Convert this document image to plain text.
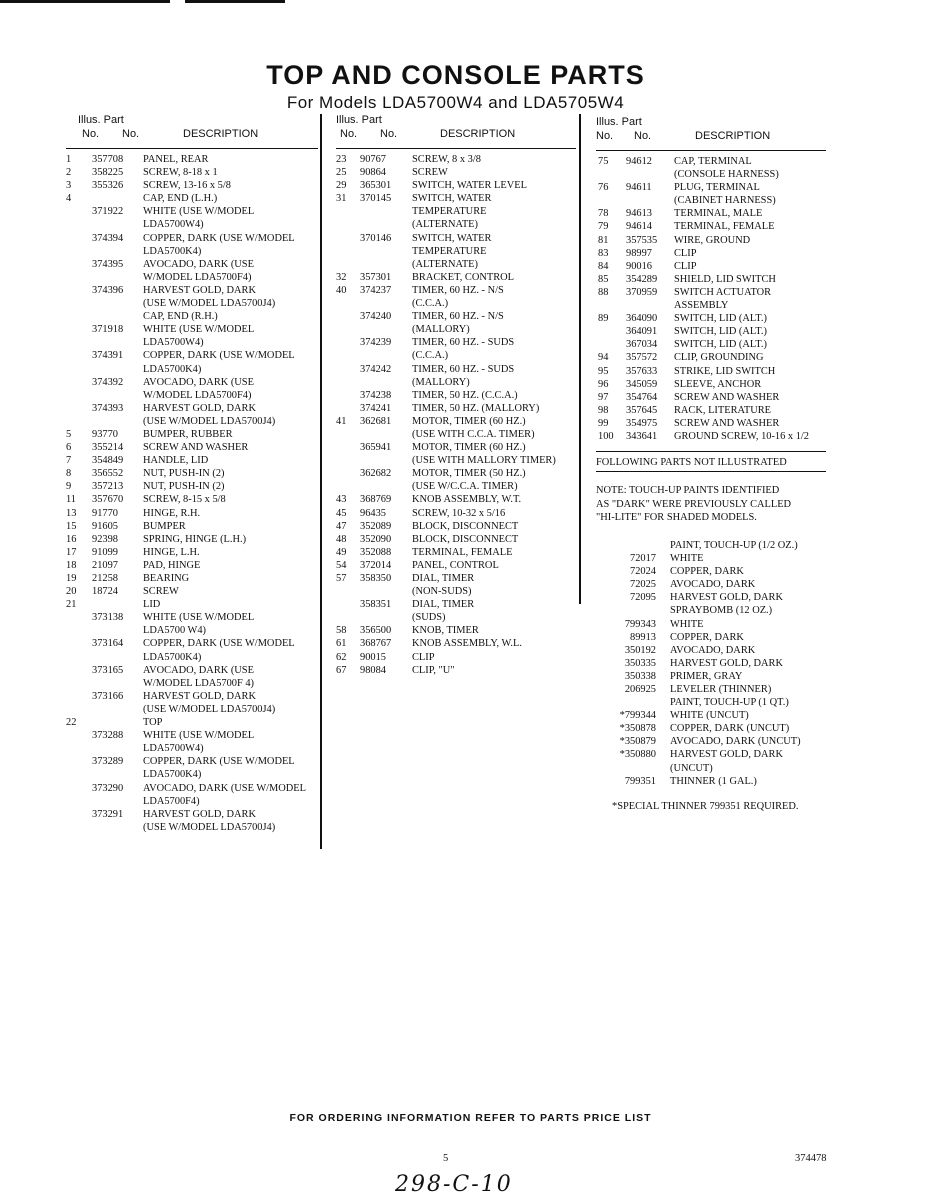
TOP AND CONSOLE PARTS
For Models LDA5700W4 and LDA5705W4
Illus. Part
No. No.	DESCRIPTION
1 357708 PANEL, REAR
2 358225 SCREW, 8-18 x 1
3 355326 SCREW, 13-16 x 5/8
4	CAP, END (L.H.)
371922 WHITE (USE W/MODEL
LDA5700W4)
374394 COPPER, DARK (USE W/MODEL
LDA5700K4)
374395 AVOCADO, DARK (USE
W/MODEL LDA5700F4)
374396 HARVEST GOLD, DARK
(USE W/MODEL LDA5700J4)
CAP, END (R.H.)
371918 WHITE (USE W/MODEL
LDA5700W4)
374391 COPPER, DARK (USE W/MODEL
LDA5700K4)
374392 AVOCADO, DARK (USE
W/MODEL LDA5700F4)
374393 HARVEST GOLD, DARK
(USE W/MODEL LDA5700J4)
5 93770 BUMPER, RUBBER
6 355214 SCREW AND WASHER
7 354849 HANDLE, LID
8 356552 NUT, PUSH-IN (2)
9 357213 NUT, PUSH-IN (2)
11 357670 SCREW, 8-15 x 5/8
13 91770 HINGE, R.H.
15 91605 BUMPER
16 92398 SPRING, HINGE (L.H.)
17 91099 HINGE, L.H.
18 21097 PAD, HINGE
19 21258 BEARING
20 18724 SCREW
21	LID
373138 WHITE (USE W/MODEL
LDA5700 W4)
373164 COPPER, DARK (USE W/MODEL
LDA5700K4)
373165 AVOCADO, DARK (USE
W/MODEL LDA5700F 4)
373166 HARVEST GOLD, DARK
(USE W/MODEL LDA5700J4)
22	TOP
373288 WHITE (USE W/MODEL
LDA5700W4)
373289 COPPER, DARK (USE W/MODEL
LDA5700K4)
373290 AVOCADO, DARK (USE W/MODEL
LDA5700F4)
373291 HARVEST GOLD, DARK
(USE W/MODEL LDA5700J4)
Illus. Part
No. No.	DESCRIPTION
23 90767	SCREW, 8 x 3/8
25 90864	SCREW
29 365301 SWITCH, WATER LEVEL
31 370145 SWITCH, WATER
TEMPERATURE
(ALTERNATE)
370146 SWITCH, WATER
TEMPERATURE
(ALTERNATE)
32 357301 BRACKET, CONTROL
40 374237 TIMER, 60 HZ. - N/S
(C.C.A.)
374240 TIMER, 60 HZ. - N/S
(MALLORY)
374239 TIMER, 60 HZ. - SUDS
(C.C.A.)
374242 TIMER, 60 HZ. - SUDS
(MALLORY)
374238 TIMER, 50 HZ. (C.C.A.)
374241 TIMER, 50 HZ. (MALLORY)
41 362681 MOTOR, TIMER (60 HZ.)
(USE WITH C.C.A. TIMER)
365941 MOTOR, TIMER (60 HZ.)
(USE WITH MALLORY TIMER)
362682 MOTOR, TIMER (50 HZ.)
(USE W/C.C.A. TIMER)
43 368769 KNOB ASSEMBLY, W.T.
45 96435	SCREW, 10-32 x 5/16
47 352089 BLOCK, DISCONNECT
48 352090 BLOCK, DISCONNECT
49 352088 TERMINAL, FEMALE
54 372014 PANEL, CONTROL
57 358350 DIAL, TIMER
(NON-SUDS)
358351 DIAL, TIMER
(SUDS)
58 356500 KNOB, TIMER
61 368767 KNOB ASSEMBLY, W.L.
62 90015	CLIP
67 98084	CLIP, "U"
Illus. Part
No. No.	DESCRIPTION
75 94612 CAP, TERMINAL
(CONSOLE HARNESS)
76 94611 PLUG, TERMINAL
(CABINET HARNESS)
78 94613 TERMINAL, MALE
79 94614 TERMINAL, FEMALE
81 357535 WIRE, GROUND
83 98997 CLIP
84 90016 CLIP
85 354289 SHIELD, LID SWITCH
88 370959 SWITCH ACTUATOR
ASSEMBLY
89 364090 SWITCH, LID (ALT.)
364091 SWITCH, LID (ALT.)
367034 SWITCH, LID (ALT.)
94 357572 CLIP, GROUNDING
95 357633 STRIKE, LID SWITCH
96 345059 SLEEVE, ANCHOR
97 354764 SCREW AND WASHER
98 357645 RACK, LITERATURE
99 354975 SCREW AND WASHER
100 343641 GROUND SCREW, 10-16 x 1/2
FOLLOWING PARTS NOT ILLUSTRATED
NOTE: TOUCH-UP PAINTS IDENTIFIED
AS "DARK" WERE PREVIOUSLY CALLED
"HI-LITE" FOR SHADED MODELS.
PAINT, TOUCH-UP (1/2 OZ.)
72017 WHITE
72024 COPPER, DARK
72025 AVOCADO, DARK
72095 HARVEST GOLD, DARK
SPRAYBOMB (12 OZ.)
799343 WHITE
89913 COPPER, DARK
350192 AVOCADO, DARK
350335 HARVEST GOLD, DARK
350338 PRIMER, GRAY
206925 LEVELER (THINNER)
PAINT, TOUCH-UP (1 QT.)
*799344 WHITE (UNCUT)
*350878 COPPER, DARK (UNCUT)
*350879 AVOCADO, DARK (UNCUT)
*350880 HARVEST GOLD, DARK
(UNCUT)
799351 THINNER (1 GAL.)
*SPECIAL THINNER 799351 REQUIRED.
FOR ORDERING INFORMATION REFER TO PARTS PRICE LIST
5	374478
298-C-10
